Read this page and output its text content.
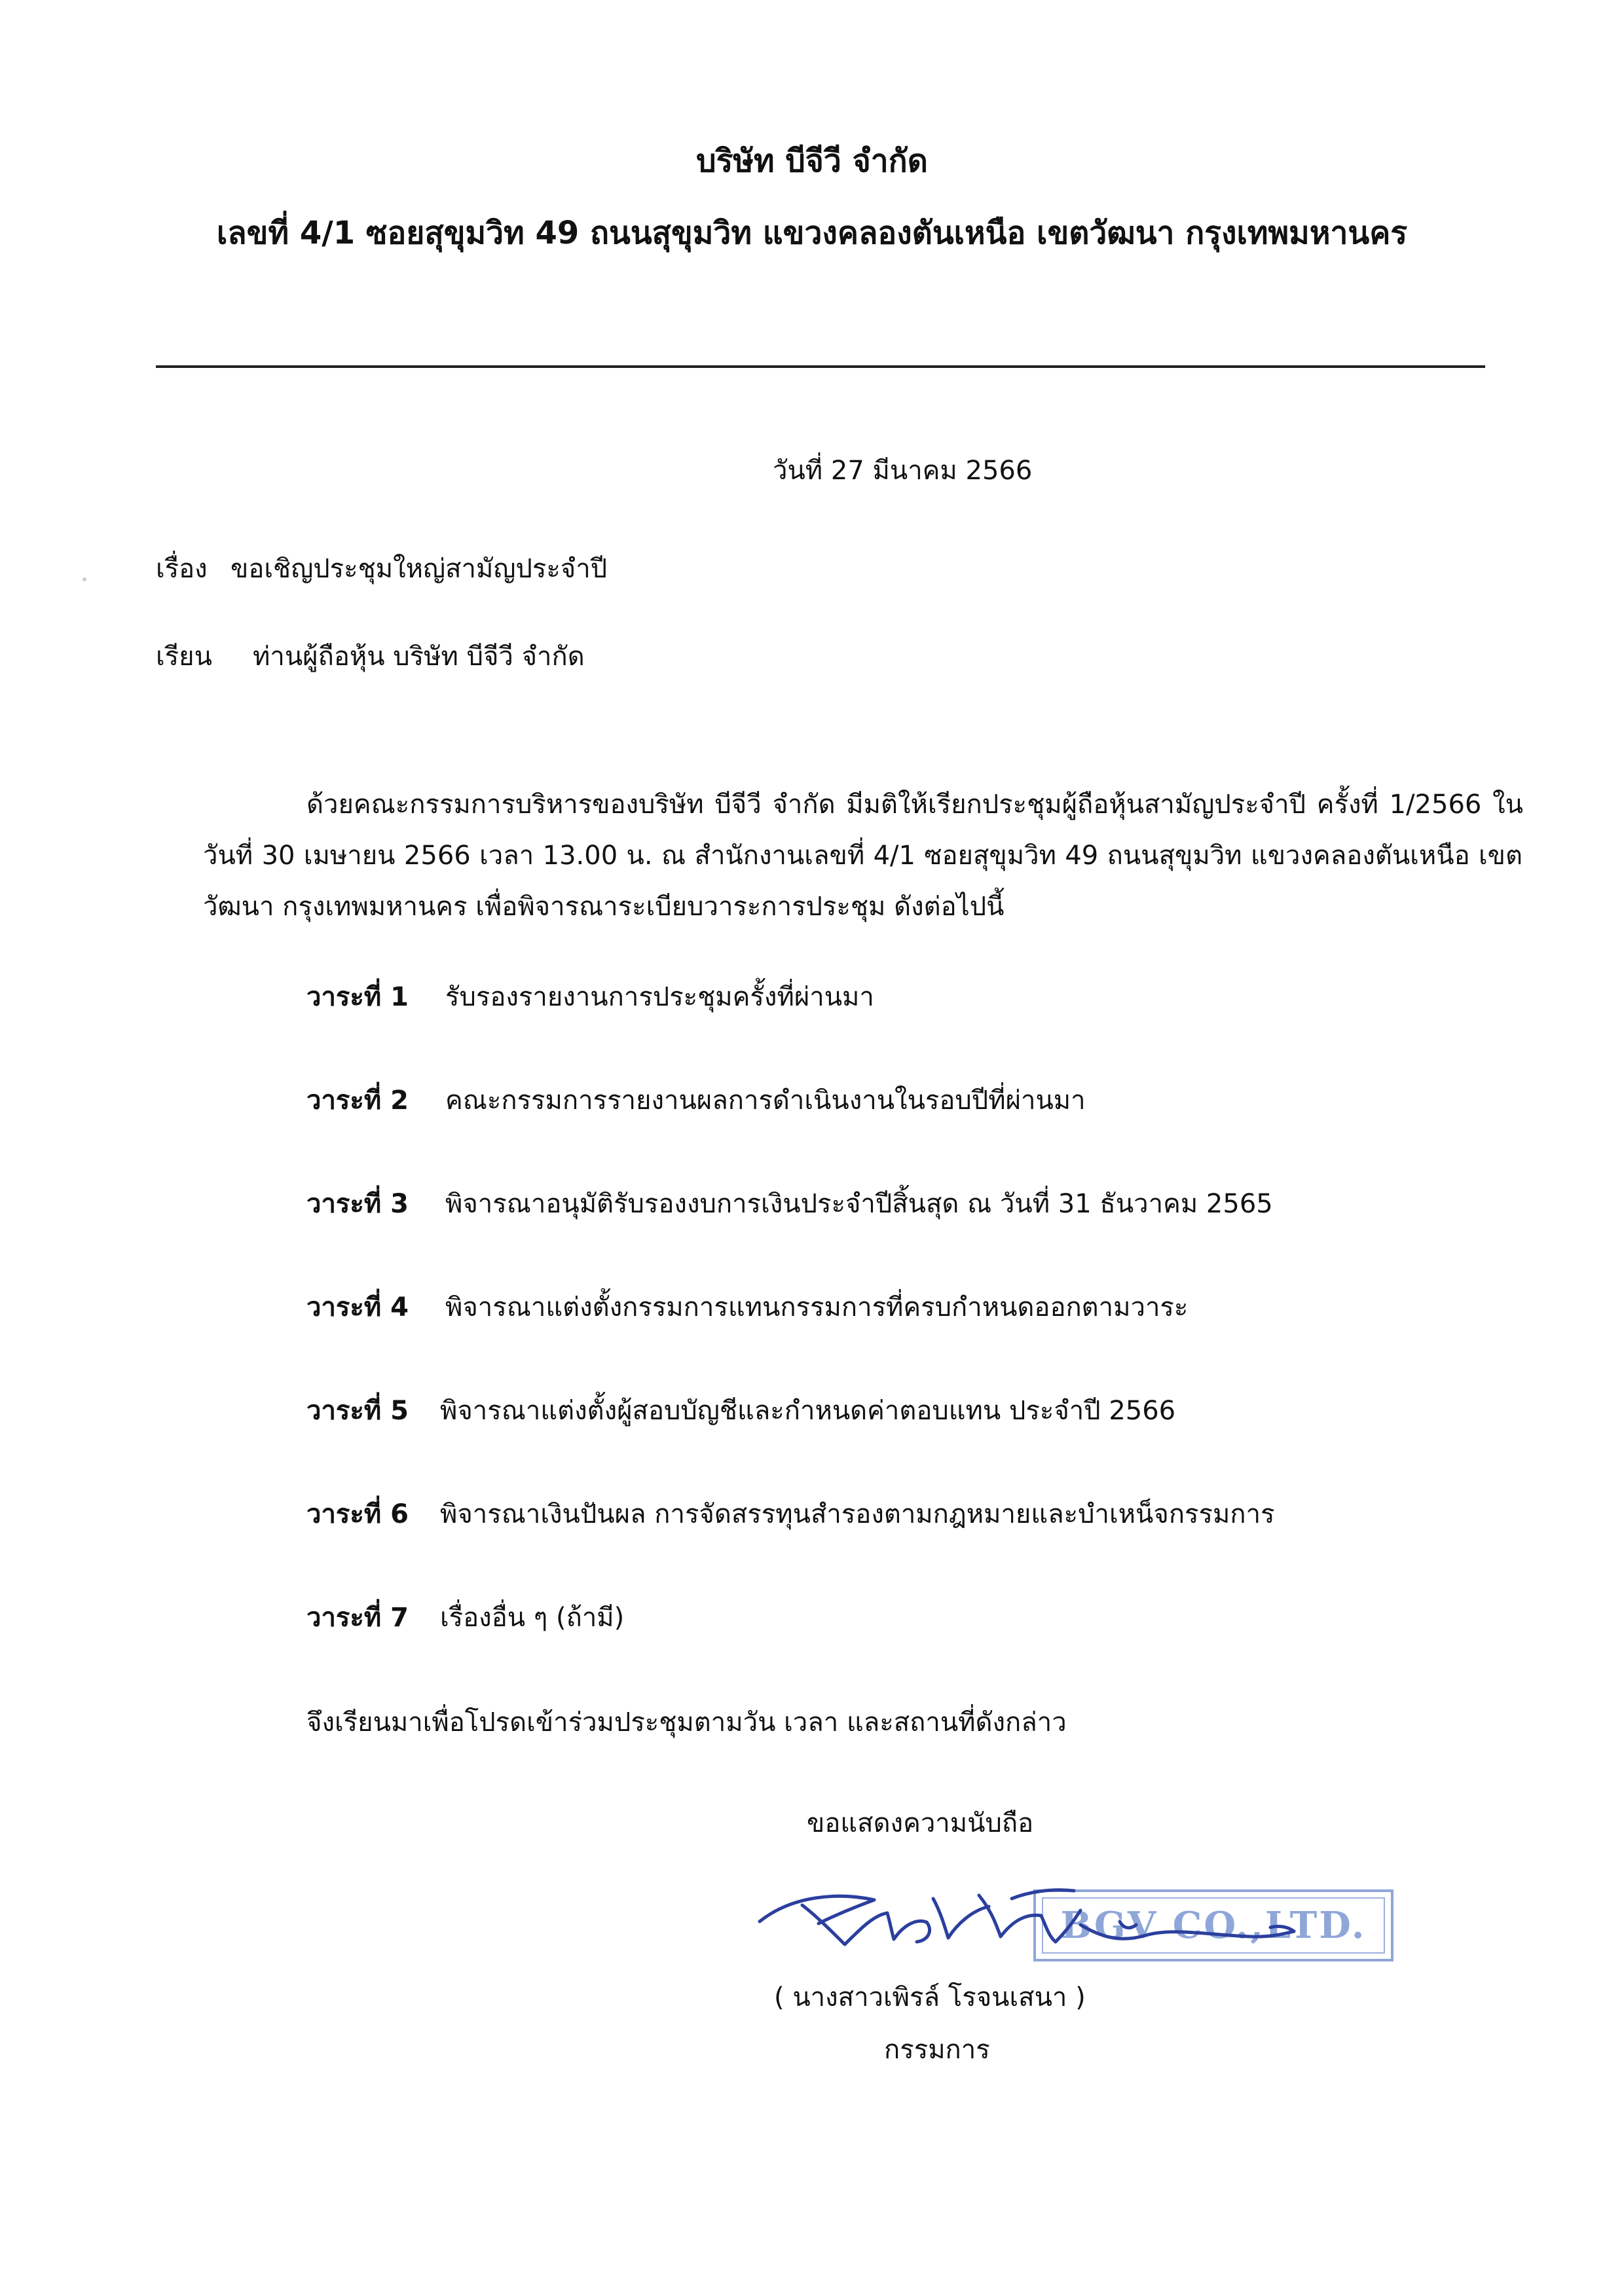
บริษัท บีจีวี จำกัด
เลขที่ 4/1 ซอยสุขุมวิท 49 ถนนสุขุมวิท แขวงคลองตันเหนือ เขตวัฒนา กรุงเทพมหานคร
วันที่ 27 มีนาคม 2566
เรื่อง ขอเชิญประชุมใหญ่สามัญประจำปี
เรียน ท่านผู้ถือหุ้น บริษัท บีจีวี จำกัด
ด้วยคณะกรรมการบริหารของบริษัท บีจีวี จำกัด มีมติให้เรียกประชุมผู้ถือหุ้นสามัญประจำปี ครั้งที่ 1/2566 ใน
วันที่ 30 เมษายน 2566 เวลา 13.00 น. ณ สำนักงานเลขที่ 4/1 ซอยสุขุมวิท 49 ถนนสุขุมวิท แขวงคลองตันเหนือ เขต
วัฒนา กรุงเทพมหานคร เพื่อพิจารณาระเบียบวาระการประชุม ดังต่อไปนี้
วาระที่ 1 รับรองรายงานการประชุมครั้งที่ผ่านมา
วาระที่ 2 คณะกรรมการรายงานผลการดำเนินงานในรอบปีที่ผ่านมา
วาระที่ 3 พิจารณาอนุมัติรับรองงบการเงินประจำปีสิ้นสุด ณ วันที่ 31 ธันวาคม 2565
วาระที่ 4 พิจารณาแต่งตั้งกรรมการแทนกรรมการที่ครบกำหนดออกตามวาระ
วาระที่ 5 พิจารณาแต่งตั้งผู้สอบบัญชีและกำหนดค่าตอบแทน ประจำปี 2566
วาระที่ 6 พิจารณาเงินปันผล การจัดสรรทุนสำรองตามกฎหมายและบำเหน็จกรรมการ
วาระที่ 7 เรื่องอื่น ๆ (ถ้ามี)
จึงเรียนมาเพื่อโปรดเข้าร่วมประชุมตามวัน เวลา และสถานที่ดังกล่าว
ขอแสดงความนับถือ
BGV CO.,LTD.
( นางสาวเพิรล์ โรจนเสนา )
กรรมการ
